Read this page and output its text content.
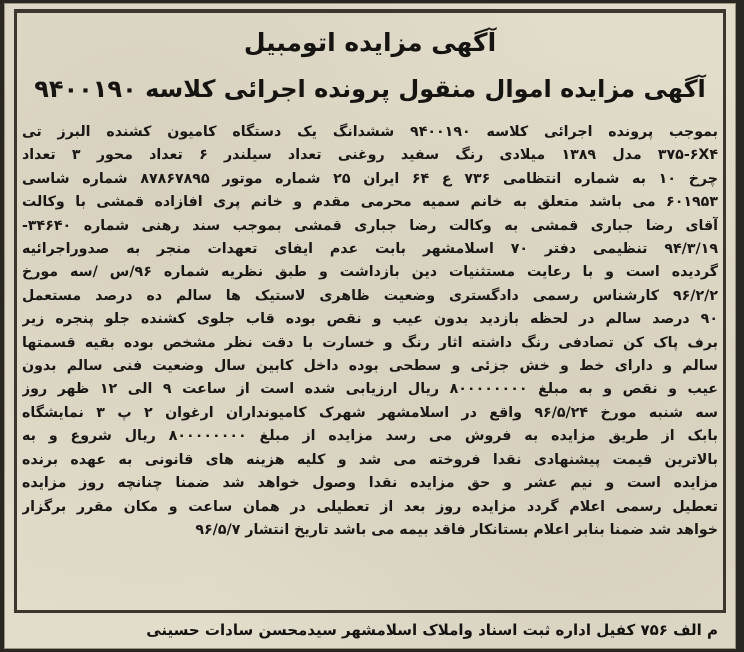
آگهی مزایده اتومبیل
آگهی مزایده اموال منقول پرونده اجرائی کلاسه ۹۴۰۰۱۹۰
بموجب پرونده اجرائی کلاسه ۹۴۰۰۱۹۰ ششدانگ یک دستگاه کامیون کشنده البرز تی
۳۷۵-۶X۴ مدل ۱۳۸۹ میلادی رنگ سفید روغنی تعداد سیلندر ۶ تعداد محور ۳ تعداد
چرخ ۱۰ به شماره انتظامی ۷۳۶ ع ۶۴ ایران ۲۵ شماره موتور ۸۷۸۶۷۸۹۵ شماره شاسی
۶۰۱۹۵۳ می باشد متعلق به خانم سمیه محرمی مقدم و خانم پری افازاده قمشی با وکالت
آقای رضا جباری قمشی به وکالت رضا جباری قمشی بموجب سند رهنی شماره ۳۴۶۴۰-
۹۴/۳/۱۹ تنظیمی دفتر ۷۰ اسلامشهر بابت عدم ایفای تعهدات منجر به صدوراجرائیه
گردیده است و با رعایت مستثنیات دین بازداشت و طبق نظریه شماره ۹۶/س /سه مورخ
۹۶/۲/۲ کارشناس رسمی دادگستری وضعیت ظاهری لاستیک ها سالم ده درصد مستعمل
۹۰ درصد سالم در لحظه بازدید بدون عیب و نقص بوده قاب جلوی کشنده جلو پنجره زیر
برف پاک کن تصادفی رنگ داشته اثار رنگ و خسارت با دقت نظر مشخص بوده بقیه قسمتها
سالم و دارای خط و خش جزئی و سطحی بوده داخل کابین سال وضعیت فنی سالم بدون
عیب و نقص و به مبلغ ۸۰۰۰۰۰۰۰۰ ریال ارزیابی شده است از ساعت ۹ الی ۱۲ ظهر روز
سه شنبه مورخ ۹۶/۵/۲۴ واقع در اسلامشهر شهرک کامیونداران ارغوان ۲ پ ۳ نمایشگاه
بابک از طریق مزایده به فروش می رسد مزایده از مبلغ ۸۰۰۰۰۰۰۰۰ ریال شروع و به
بالاترین قیمت پیشنهادی نقدا فروخته می شد و کلیه هزینه های قانونی به عهده برنده
مزایده است و نیم عشر و حق مزایده نقدا وصول خواهد شد ضمنا چنانچه روز مزایده
تعطیل رسمی اعلام گردد مزایده روز بعد از تعطیلی در همان ساعت و مکان مقرر برگزار
خواهد شد ضمنا بنابر اعلام بستانکار فاقد بیمه می باشد تاریخ انتشار ۹۶/۵/۷
م الف ۷۵۶ کفیل اداره ثبت اسناد واملاک اسلامشهر سیدمحسن سادات حسینی
